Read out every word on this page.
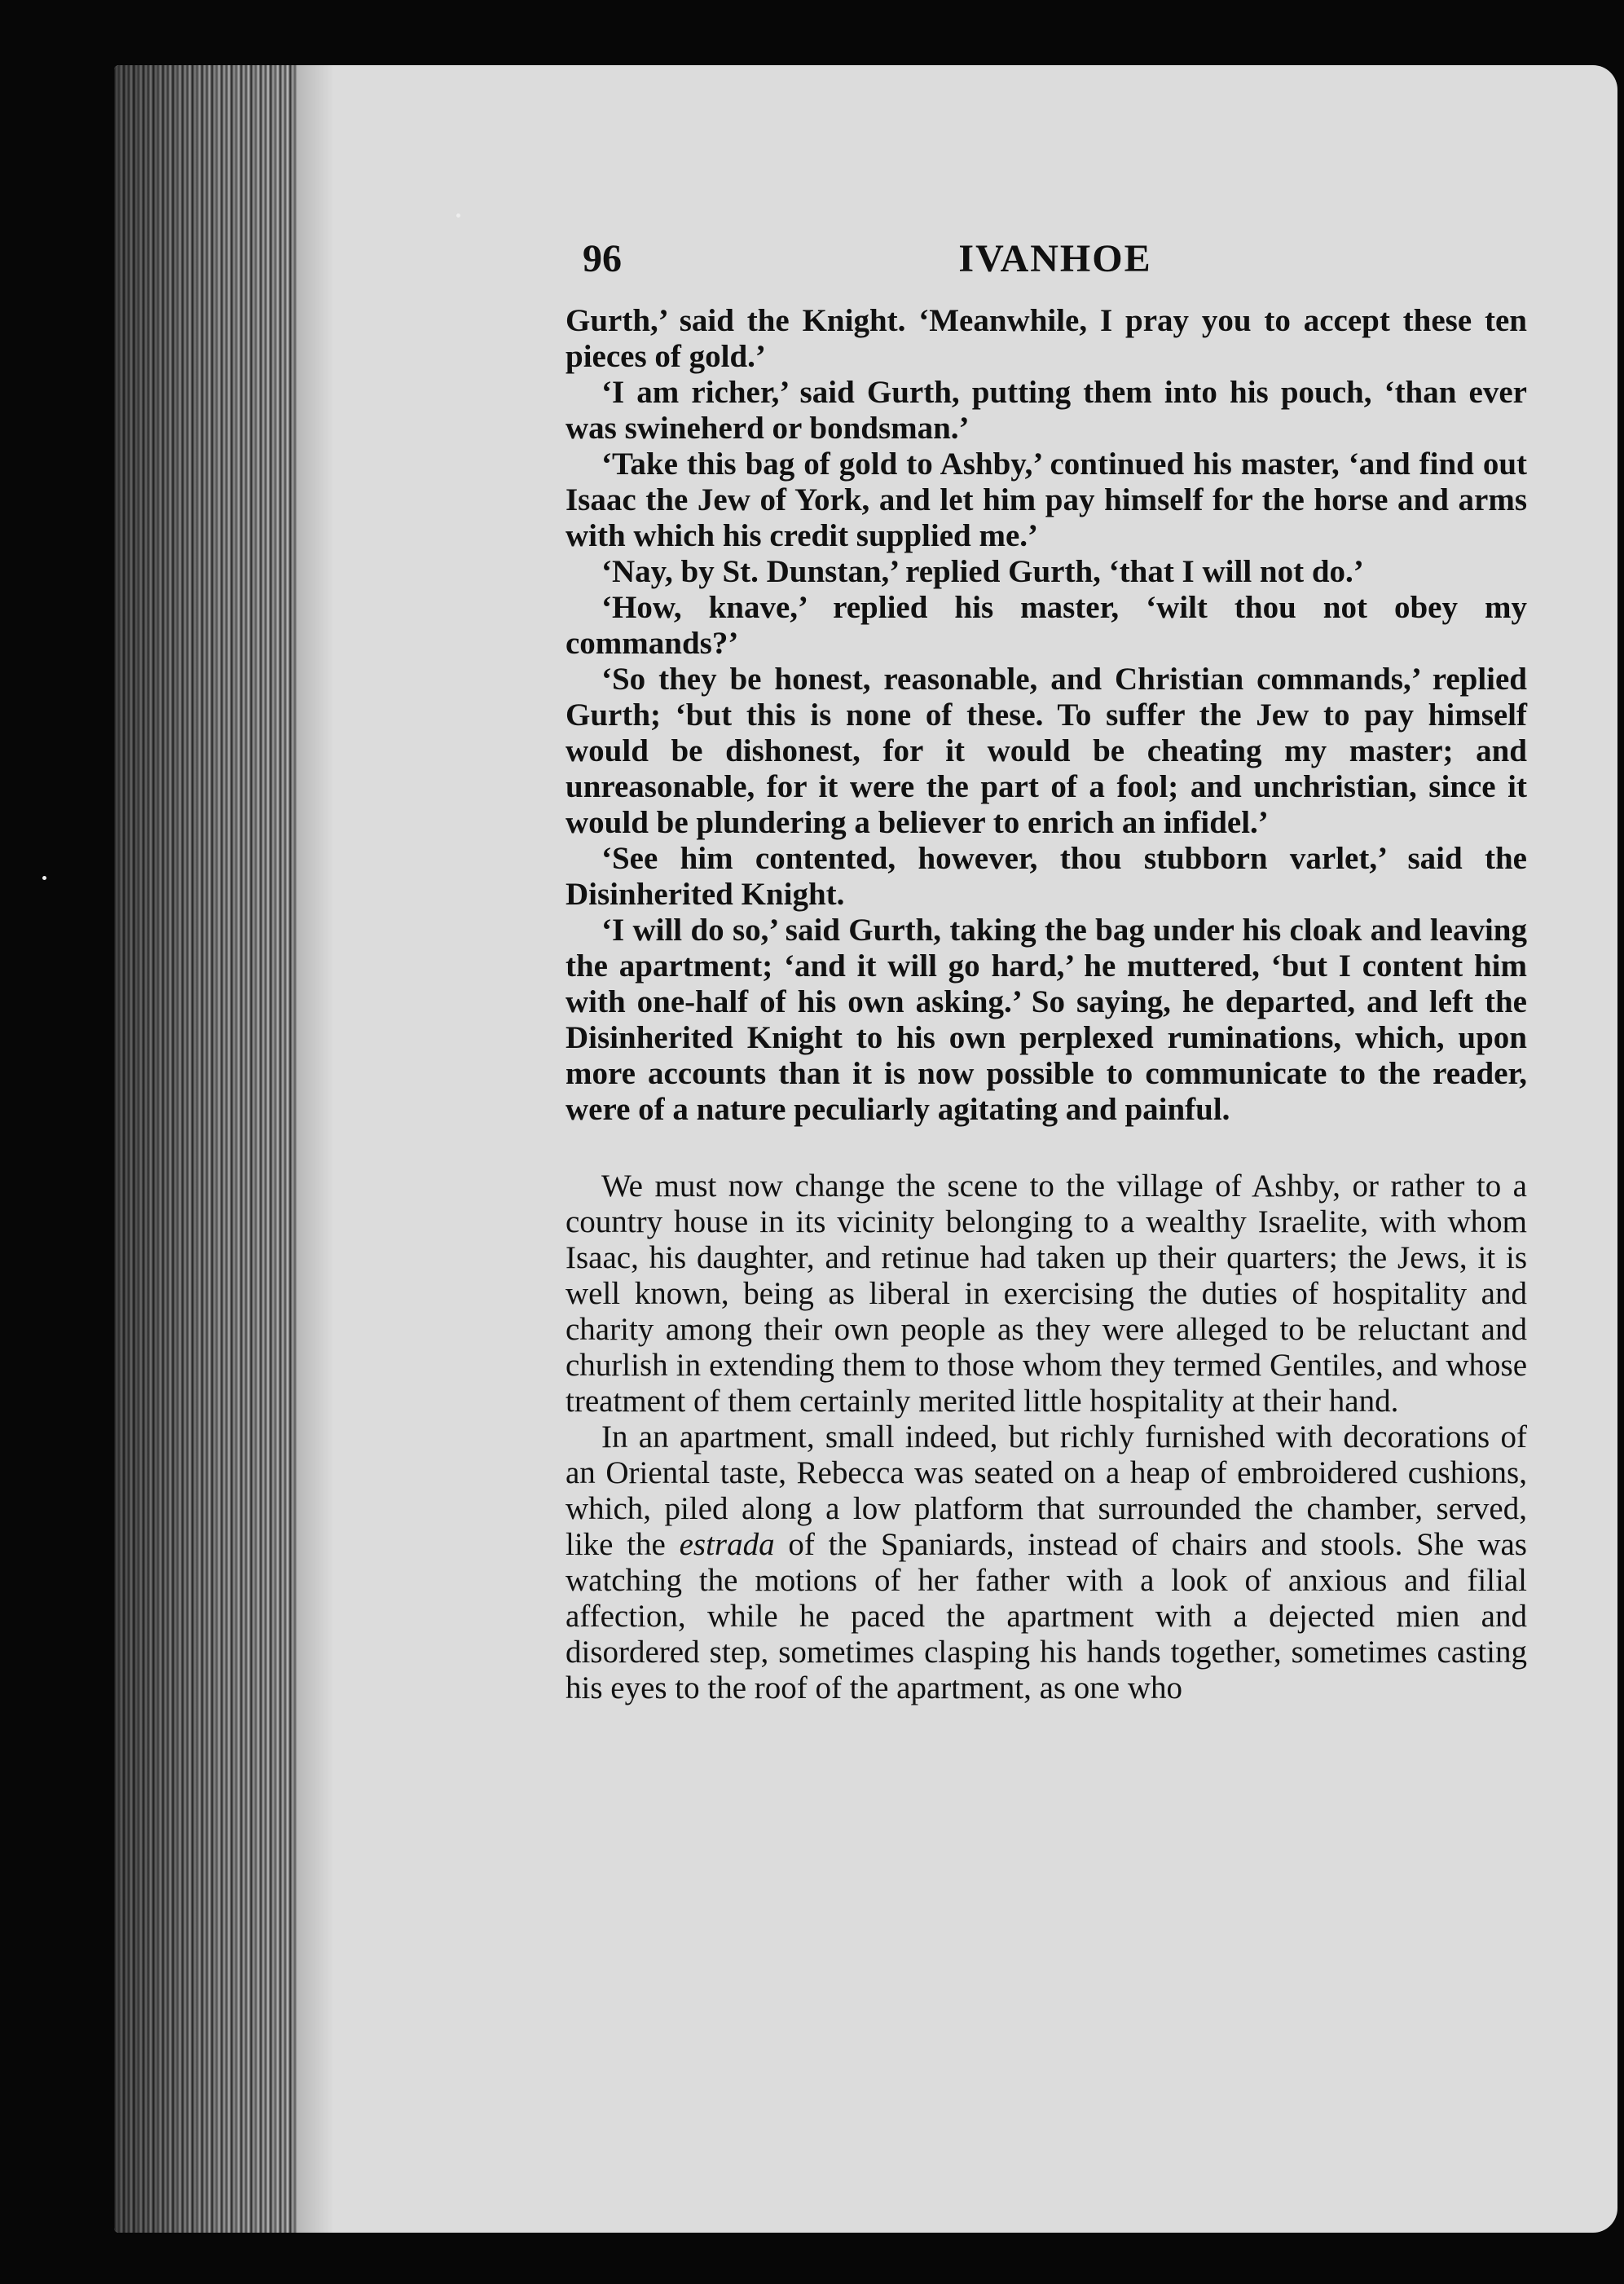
96	IVANHOE

Gurth,’ said the Knight. ‘Meanwhile, I pray you to accept these ten pieces of gold.’

‘I am richer,’ said Gurth, putting them into his pouch, ‘than ever was swineherd or bondsman.’

‘Take this bag of gold to Ashby,’ continued his master, ‘and find out Isaac the Jew of York, and let him pay himself for the horse and arms with which his credit supplied me.’

‘Nay, by St. Dunstan,’ replied Gurth, ‘that I will not do.’

‘How, knave,’ replied his master, ‘wilt thou not obey my commands?’

‘So they be honest, reasonable, and Christian commands,’ replied Gurth; ‘but this is none of these. To suffer the Jew to pay himself would be dishonest, for it would be cheating my master; and unreasonable, for it were the part of a fool; and unchristian, since it would be plundering a believer to enrich an infidel.’

‘See him contented, however, thou stubborn varlet,’ said the Disinherited Knight.

‘I will do so,’ said Gurth, taking the bag under his cloak and leaving the apartment; ‘and it will go hard,’ he muttered, ‘but I content him with one-half of his own asking.’ So saying, he departed, and left the Disinherited Knight to his own perplexed ruminations, which, upon more accounts than it is now possible to communicate to the reader, were of a nature peculiarly agitating and painful.

We must now change the scene to the village of Ashby, or rather to a country house in its vicinity belonging to a wealthy Israelite, with whom Isaac, his daughter, and retinue had taken up their quarters; the Jews, it is well known, being as liberal in exercising the duties of hospitality and charity among their own people as they were alleged to be reluctant and churlish in extending them to those whom they termed Gentiles, and whose treatment of them certainly merited little hospitality at their hand.

In an apartment, small indeed, but richly furnished with decorations of an Oriental taste, Rebecca was seated on a heap of embroidered cushions, which, piled along a low platform that surrounded the chamber, served, like the estrada of the Spaniards, instead of chairs and stools. She was watching the motions of her father with a look of anxious and filial affection, while he paced the apartment with a dejected mien and disordered step, sometimes clasping his hands together, sometimes casting his eyes to the roof of the apartment, as one who
